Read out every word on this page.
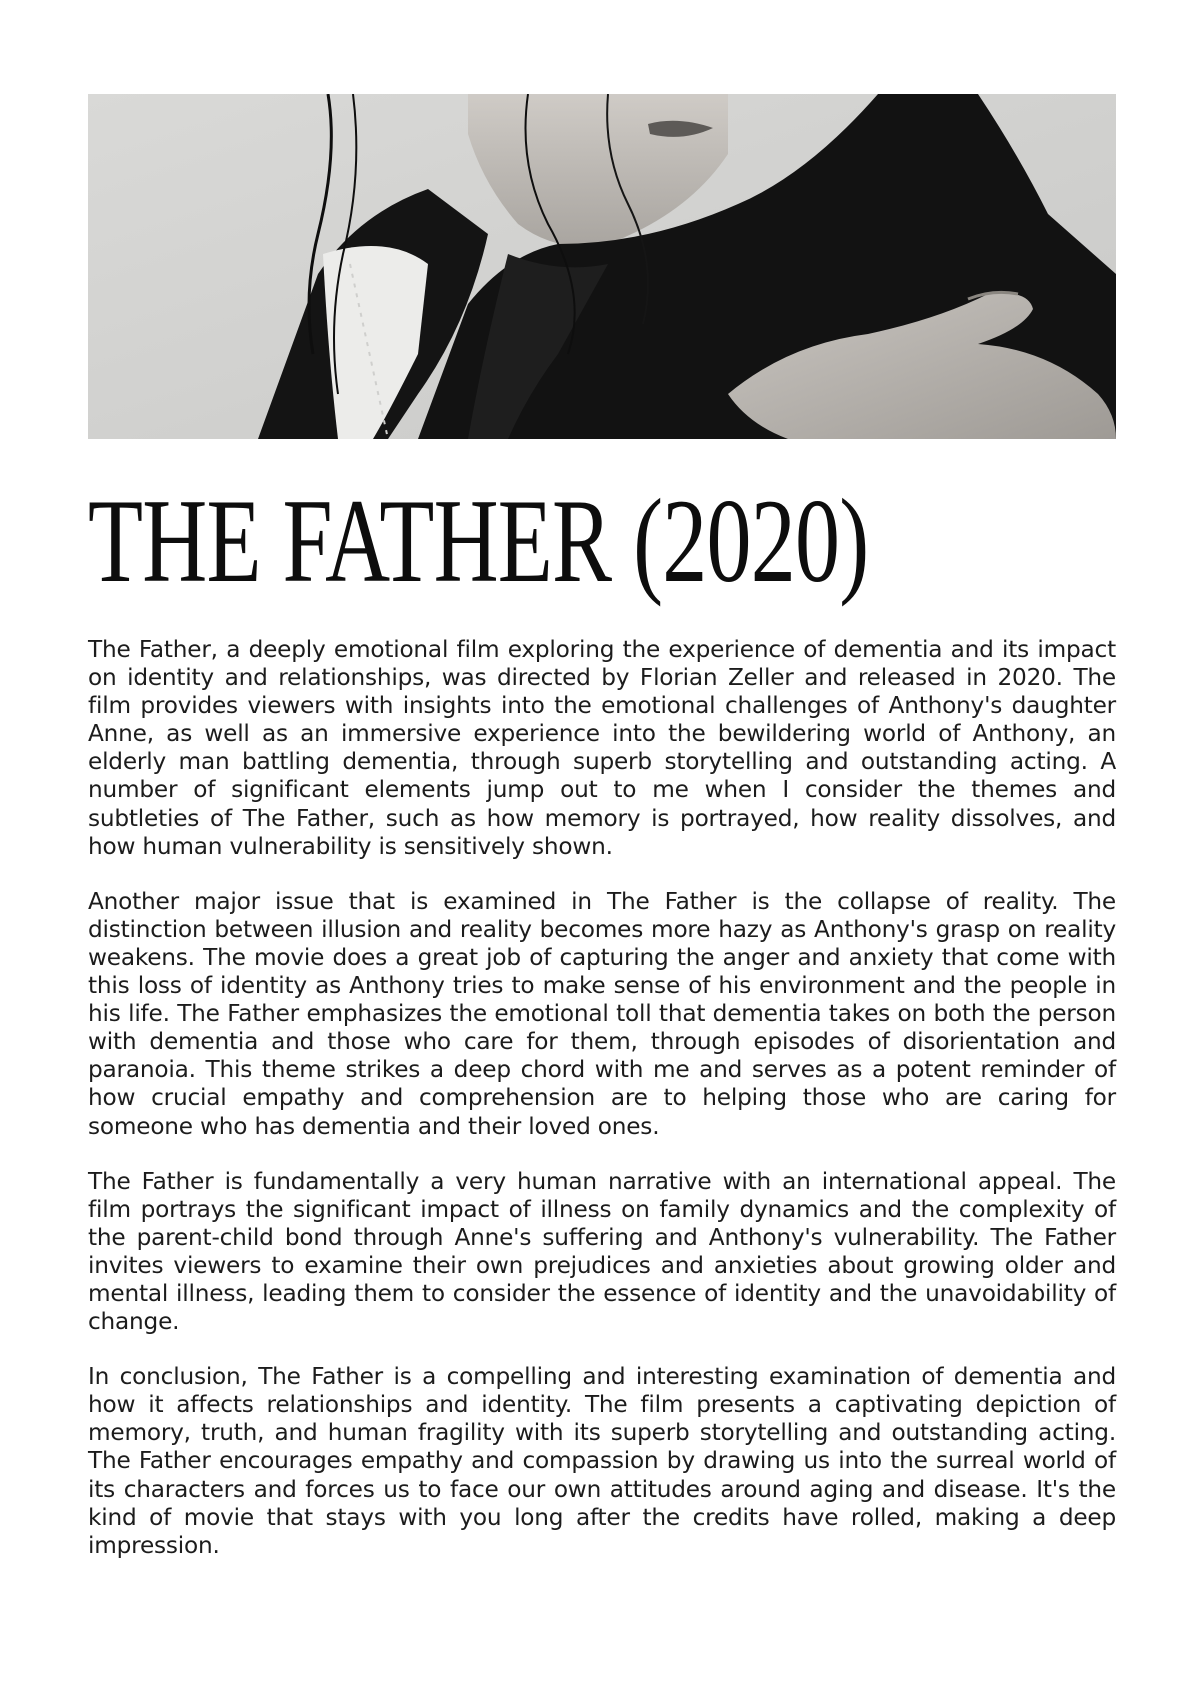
THE FATHER (2020)

The Father, a deeply emotional film exploring the experience of dementia and its impact on identity and relationships, was directed by Florian Zeller and released in 2020. The film provides viewers with insights into the emotional challenges of Anthony's daughter Anne, as well as an immersive experience into the bewildering world of Anthony, an elderly man battling dementia, through superb storytelling and outstanding acting. A number of significant elements jump out to me when I consider the themes and subtleties of The Father, such as how memory is portrayed, how reality dissolves, and how human vulnerability is sensitively shown.

Another major issue that is examined in The Father is the collapse of reality. The distinction between illusion and reality becomes more hazy as Anthony's grasp on reality weakens. The movie does a great job of capturing the anger and anxiety that come with this loss of identity as Anthony tries to make sense of his environment and the people in his life. The Father emphasizes the emotional toll that dementia takes on both the person with dementia and those who care for them, through episodes of disorientation and paranoia. This theme strikes a deep chord with me and serves as a potent reminder of how crucial empathy and comprehension are to helping those who are caring for someone who has dementia and their loved ones.

The Father is fundamentally a very human narrative with an international appeal. The film portrays the significant impact of illness on family dynamics and the complexity of the parent-child bond through Anne's suffering and Anthony's vulnerability. The Father invites viewers to examine their own prejudices and anxieties about growing older and mental illness, leading them to consider the essence of identity and the unavoidability of change.

In conclusion, The Father is a compelling and interesting examination of dementia and how it affects relationships and identity. The film presents a captivating depiction of memory, truth, and human fragility with its superb storytelling and outstanding acting. The Father encourages empathy and compassion by drawing us into the surreal world of its characters and forces us to face our own attitudes around aging and disease. It's the kind of movie that stays with you long after the credits have rolled, making a deep impression.
